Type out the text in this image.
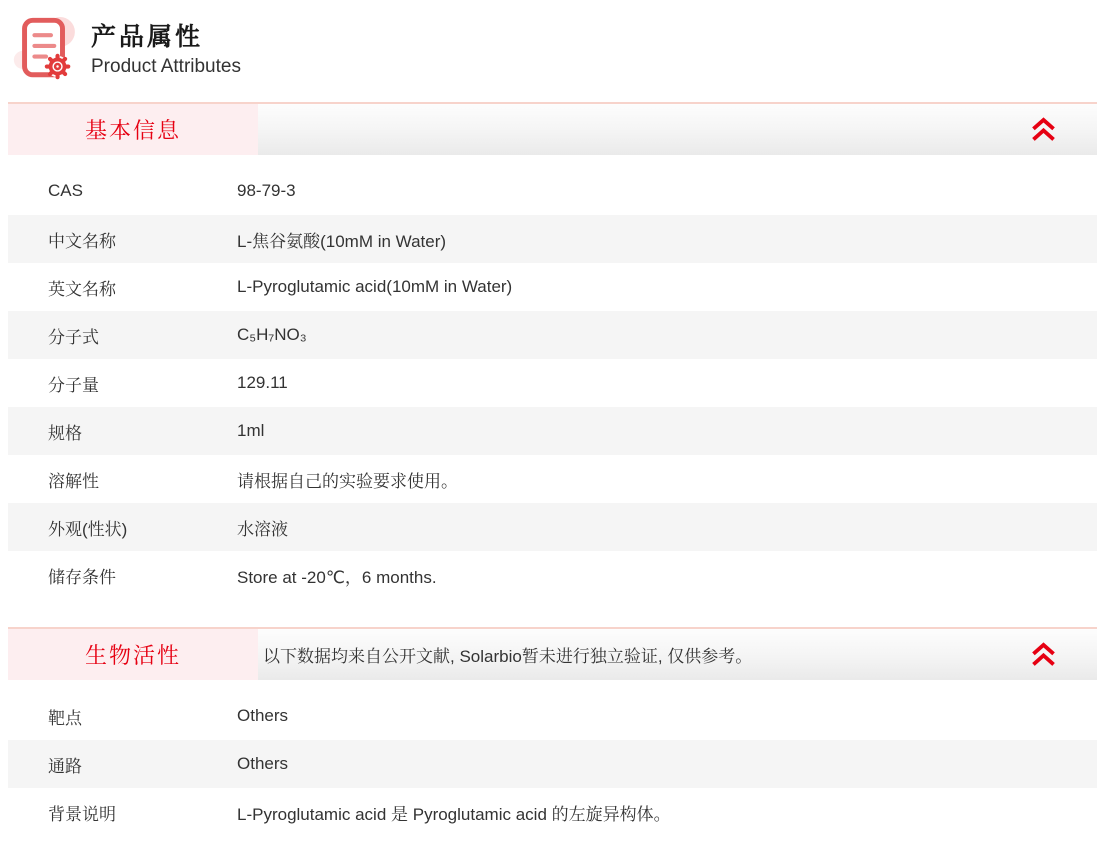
产品属性
Product Attributes
基本信息
CAS	98-79-3
中文名称	L-焦谷氨酸(10mM in Water)
英文名称	L-Pyroglutamic acid(10mM in Water)
分子式	C₅H₇NO₃
分子量	129.11
规格	1ml
溶解性	请根据自己的实验要求使用。
外观(性状)	水溶液
储存条件	Store at -20℃，6 months.
生物活性	以下数据均来自公开文献, Solarbio暂未进行独立验证, 仅供参考。
靶点	Others
通路	Others
背景说明	L-Pyroglutamic acid 是 Pyroglutamic acid 的左旋异构体。
